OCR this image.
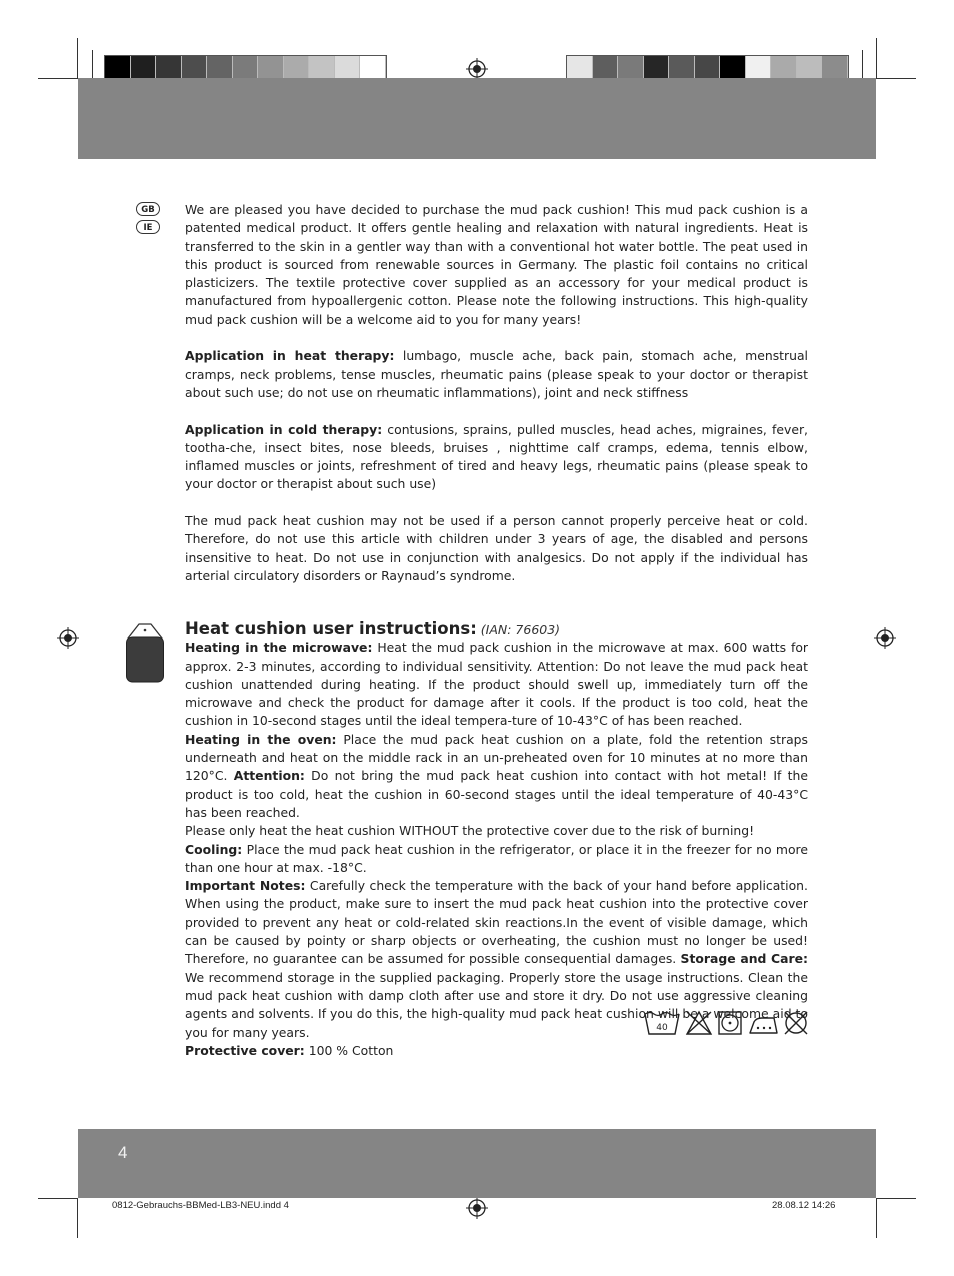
GB
IE

We are pleased you have decided to purchase the mud pack cushion! This mud pack cushion is a patented medical product. It offers gentle healing and relaxation with natural ingredients. Heat is transferred to the skin in a gentler way than with a conventional hot water bottle. The peat used in this product is sourced from renewable sources in Germany. The plastic foil contains no critical plasticizers. The textile protective cover supplied as an accessory for your medical product is manufactured from hypoallergenic cotton. Please note the following instructions. This high-quality mud pack cushion will be a welcome aid to you for many years!

Application in heat therapy: lumbago, muscle ache, back pain, stomach ache, menstrual cramps, neck problems, tense muscles, rheumatic pains (please speak to your doctor or therapist about such use; do not use on rheumatic inflammations), joint and neck stiffness

Application in cold therapy: contusions, sprains, pulled muscles, head aches, migraines, fever, tootha-che, insect bites, nose bleeds, bruises , nighttime calf cramps, edema, tennis elbow, inflamed muscles or joints, refreshment of tired and heavy legs, rheumatic pains (please speak to your doctor or therapist about such use)

The mud pack heat cushion may not be used if a person cannot properly perceive heat or cold. Therefore, do not use this article with children under 3 years of age, the disabled and persons insensitive to heat. Do not use in conjunction with analgesics. Do not apply if the individual has arterial circulatory disorders or Raynaud’s syndrome.

Heat cushion user instructions: (IAN: 76603)

Heating in the microwave: Heat the mud pack cushion in the microwave at max. 600 watts for approx. 2-3 minutes, according to individual sensitivity. Attention: Do not leave the mud pack heat cushion unattended during heating. If the product should swell up, immediately turn off the microwave and check the product for damage after it cools. If the product is too cold, heat the cushion in 10-second stages until the ideal tempera-ture of 10-43°C of has been reached.

Heating in the oven: Place the mud pack heat cushion on a plate, fold the retention straps underneath and heat on the middle rack in an un-preheated oven for 10 minutes at no more than 120°C. Attention: Do not bring the mud pack heat cushion into contact with hot metal! If the product is too cold, heat the cushion in 60-second stages until the ideal temperature of 40-43°C has been reached.

Please only heat the heat cushion WITHOUT the protective cover due to the risk of burning!

Cooling: Place the mud pack heat cushion in the refrigerator, or place it in the freezer for no more than one hour at max. -18°C.

Important Notes: Carefully check the temperature with the back of your hand before application. When using the product, make sure to insert the mud pack heat cushion into the protective cover provided to prevent any heat or cold-related skin reactions.In the event of visible damage, which can be caused by pointy or sharp objects or overheating, the cushion must no longer be used! Therefore, no guarantee can be assumed for possible consequential damages. Storage and Care: We recommend storage in the supplied packaging. Properly store the usage instructions. Clean the mud pack heat cushion with damp cloth after use and store it dry. Do not use aggressive cleaning agents and solvents. If you do this, the high-quality mud pack heat cushion will be a welcome aid to you for many years.

Protective cover: 100 % Cotton

40
4
0812-Gebrauchs-BBMed-LB3-NEU.indd 4	28.08.12 14:26
